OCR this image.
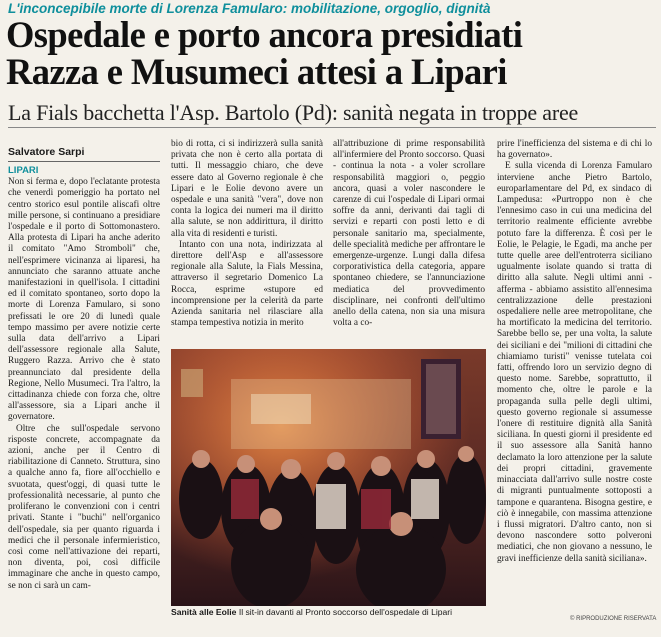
L'inconcepibile morte di Lorenza Famularo: mobilitazione, orgoglio, dignità
Ospedale e porto ancora presidiati
Razza e Musumeci attesi a Lipari
La Fials bacchetta l'Asp. Bartolo (Pd): sanità negata in troppe aree
Salvatore Sarpi
LIPARI

Non si ferma e, dopo l'eclatante protesta che venerdì pomeriggio ha portato nel centro storico esul pontile aliscafi oltre mille persone, si continuano a presidiare l'ospedale e il porto di Sottomonastero. Alla protesta di Lipari ha anche aderito il comitato "Amo Stromboli" che, nell'esprimere vicinanza ai liparesi, ha annunciato che saranno attuate anche manifestazioni in quell'isola. I cittadini ed il comitato spontaneo, sorto dopo la morte di Lorenza Famularo, si sono prefissati le ore 20 di lunedì quale tempo massimo per avere notizie certe sulla data dell'arrivo a Lipari dell'assessore regionale alla Salute, Ruggero Razza. Arrivo che è stato preannunciato dal presidente della Regione, Nello Musumeci. Tra l'altro, la cittadinanza chiede con forza che, oltre all'assessore, sia a Lipari anche il governatore.

Oltre che sull'ospedale servono risposte concrete, accompagnate da azioni, anche per il Centro di riabilitazione di Canneto. Struttura, sino a qualche anno fa, fiore all'occhiello e svuotata, quest'oggi, di quasi tutte le professionalità necessarie, al punto che proliferano le convenzioni con i centri privati. Stante i "buchi" nell'organico dell'ospedale, sia per quanto riguarda i medici che il personale infermieristico, così come nell'attivazione dei reparti, non diventa, poi, così difficile immaginare che anche in questo campo, se non ci sarà un cam-

bio di rotta, ci si indirizzerà sulla sanità privata che non è certo alla portata di tutti. Il messaggio chiaro, che deve essere dato al Governo regionale è che Lipari e le Eolie devono avere un ospedale e una sanità "vera", dove non conta la logica dei numeri ma il diritto alla salute, se non addirittura, il diritto alla vita di residenti e turisti.

Intanto con una nota, indirizzata al direttore dell'Asp e all'assessore regionale alla Salute, la Fials Messina, attraverso il segretario Domenico La Rocca, esprime «stupore ed incomprensione per la celerità da parte Azienda sanitaria nel rilasciare alla stampa tempestiva notizia in merito

all'attribuzione di prime responsabilità all'infermiere del Pronto soccorso. Quasi - continua la nota - a voler scrollare responsabilità maggiori o, peggio ancora, quasi a voler nascondere le carenze di cui l'ospedale di Lipari ormai soffre da anni, derivanti dai tagli di servizi e reparti con posti letto e di personale sanitario ma, specialmente, delle specialità mediche per affrontare le emergenze-urgenze. Lungi dalla difesa corporativistica della categoria, appare spontaneo chiedere, se l'annunciazione mediatica del provvedimento disciplinare, nei confronti dell'ultimo anello della catena, non sia una misura volta a co-

prire l'inefficienza del sistema e di chi lo ha governato».

E sulla vicenda di Lorenza Famularo interviene anche Pietro Bartolo, europarlamentare del Pd, ex sindaco di Lampedusa: «Purtroppo non è che l'ennesimo caso in cui una medicina del territorio realmente efficiente avrebbe potuto fare la differenza. È così per le Eolie, le Pelagie, le Egadi, ma anche per tutte quelle aree dell'entroterra siciliano ugualmente isolate quando si tratta di diritto alla salute. Negli ultimi anni - afferma - abbiamo assistito all'ennesima centralizzazione delle prestazioni ospedaliere nelle aree metropolitane, che ha mortificato la medicina del territorio. Sarebbe bello se, per una volta, la salute dei siciliani e dei "milioni di cittadini che chiamiamo turisti" venisse tutelata coi fatti, offrendo loro un servizio degno di questo nome. Sarebbe, soprattutto, il momento che, oltre le parole e la propaganda sulla pelle degli ultimi, questo governo regionale si assumesse l'onere di restituire dignità alla Sanità siciliana. In questi giorni il presidente ed il suo assessore alla Sanità hanno declamato la loro attenzione per la salute dei propri cittadini, gravemente minacciata dall'arrivo sulle nostre coste di migranti puntualmente sottoposti a tampone e quarantena. Bisogna gestire, e ciò è innegabile, con massima attenzione i flussi migratori. D'altro canto, non si devono nascondere sotto polveroni mediatici, che non giovano a nessuno, le gravi inefficienze della sanità siciliana».

Sanità alle Eolie Il sit-in davanti al Pronto soccorso dell'ospedale di Lipari
© RIPRODUZIONE RISERVATA
